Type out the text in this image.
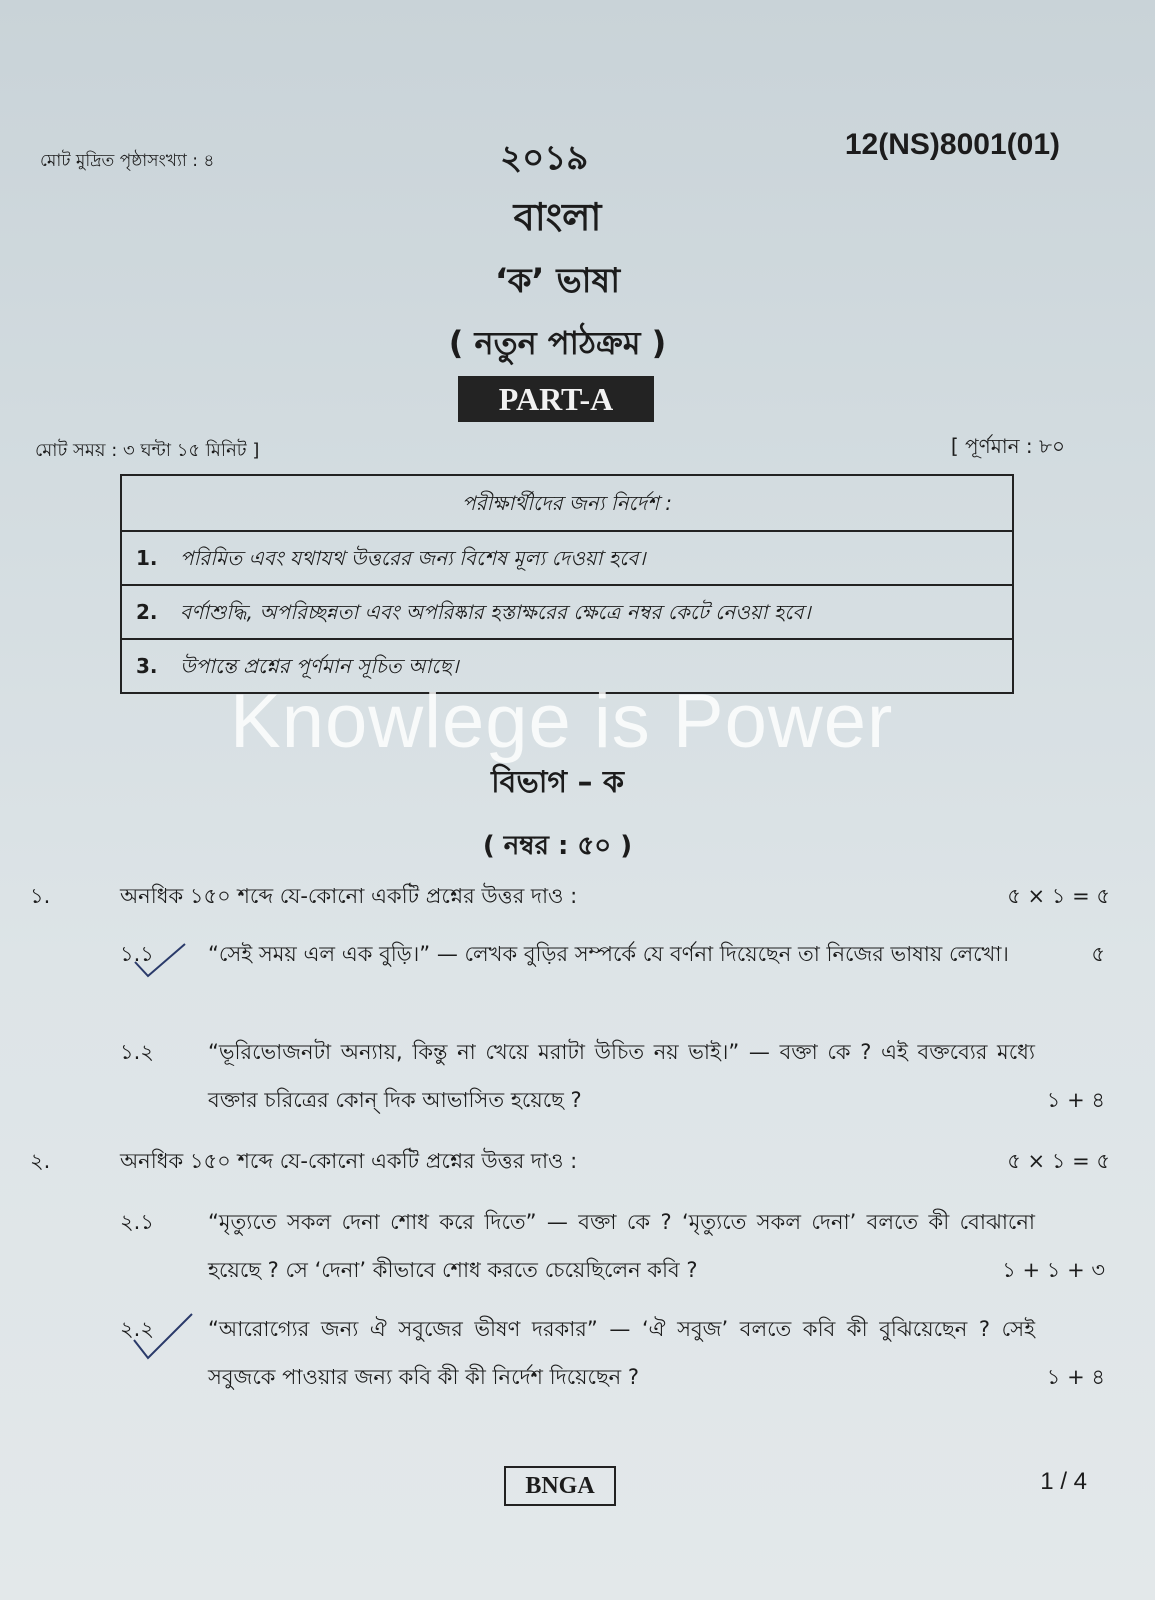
মোট মুদ্রিত পৃষ্ঠাসংখ্যা : ৪	২০১৯	12(NS)8001(01)
বাংলা
‘ক’ ভাষা
( নতুন পাঠক্রম )
PART-A
মোট সময় : ৩ ঘন্টা ১৫ মিনিট ]	[ পূর্ণমান : ৮০
পরীক্ষার্থীদের জন্য নির্দেশ :
1. পরিমিত এবং যথাযথ উত্তরের জন্য বিশেষ মূল্য দেওয়া হবে।
2. বর্ণাশুদ্ধি, অপরিচ্ছন্নতা এবং অপরিষ্কার হস্তাক্ষরের ক্ষেত্রে নম্বর কেটে নেওয়া হবে।
3. উপান্তে প্রশ্নের পূর্ণমান সূচিত আছে।
Knowlege is Power
বিভাগ – ক
( নম্বর : ৫০ )
১.	অনধিক ১৫০ শব্দে যে-কোনো একটি প্রশ্নের উত্তর দাও :	৫ × ১ = ৫
১.১	“সেই সময় এল এক বুড়ি।” — লেখক বুড়ির সম্পর্কে যে বর্ণনা দিয়েছেন তা নিজের ভাষায় লেখো।	৫
১.২	“ভূরিভোজনটা অন্যায়, কিন্তু না খেয়ে মরাটা উচিত নয় ভাই।” — বক্তা কে ? এই বক্তব্যের মধ্যে বক্তার চরিত্রের কোন্ দিক আভাসিত হয়েছে ?	১ + ৪
২.	অনধিক ১৫০ শব্দে যে-কোনো একটি প্রশ্নের উত্তর দাও :	৫ × ১ = ৫
২.১	“মৃত্যুতে সকল দেনা শোধ করে দিতে” — বক্তা কে ? ‘মৃত্যুতে সকল দেনা’ বলতে কী বোঝানো হয়েছে ? সে ‘দেনা’ কীভাবে শোধ করতে চেয়েছিলেন কবি ?	১ + ১ + ৩
২.২	“আরোগ্যের জন্য ঐ সবুজের ভীষণ দরকার” — ‘ঐ সবুজ’ বলতে কবি কী বুঝিয়েছেন ? সেই সবুজকে পাওয়ার জন্য কবি কী কী নির্দেশ দিয়েছেন ?	১ + ৪
BNGA	1 / 4
